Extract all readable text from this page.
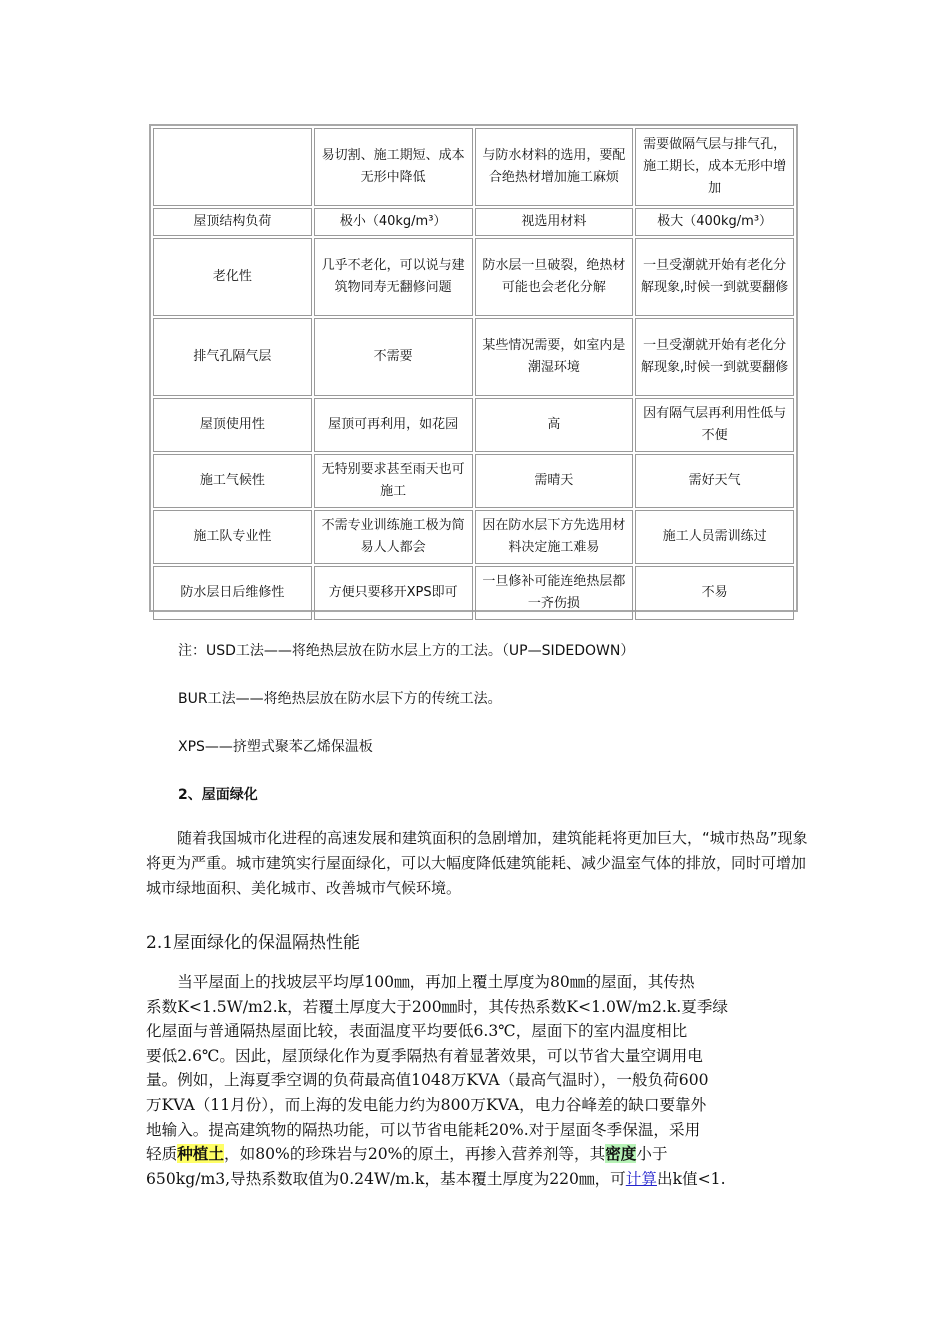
	易切割、施工期短、成本无形中降低	与防水材料的选用，要配合绝热材增加施工麻烦	需要做隔气层与排气孔，施工期长，成本无形中增加
屋顶结构负荷	极小（40kg/m³）	视选用材料	极大（400kg/m³）
老化性	几乎不老化，可以说与建筑物同寿无翻修问题	防水层一旦破裂，绝热材可能也会老化分解	一旦受潮就开始有老化分解现象,时候一到就要翻修
排气孔隔气层	不需要	某些情况需要，如室内是潮湿环境	一旦受潮就开始有老化分解现象,时候一到就要翻修
屋顶使用性	屋顶可再利用，如花园	高	因有隔气层再利用性低与不便
施工气候性	无特别要求甚至雨天也可施工	需晴天	需好天气
施工队专业性	不需专业训练施工极为简易人人都会	因在防水层下方先选用材料决定施工难易	施工人员需训练过
防水层日后维修性	方便只要移开XPS即可	一旦修补可能连绝热层都一齐伤损	不易
注：USD工法——将绝热层放在防水层上方的工法。（UP—SIDEDOWN）
BUR工法——将绝热层放在防水层下方的传统工法。
XPS——挤塑式聚苯乙烯保温板
2、屋面绿化

随着我国城市化进程的高速发展和建筑面积的急剧增加，建筑能耗将更加巨大，“城市热岛”现象将更为严重。城市建筑实行屋面绿化，可以大幅度降低建筑能耗、减少温室气体的排放，同时可增加城市绿地面积、美化城市、改善城市气候环境。

2.1屋面绿化的保温隔热性能
　　当平屋面上的找坡层平均厚100㎜，再加上覆土厚度为80㎜的屋面，其传热
系数K<1.5W/m2.k，若覆土厚度大于200㎜时，其传热系数K<1.0W/m2.k.夏季绿
化屋面与普通隔热屋面比较，表面温度平均要低6.3℃，屋面下的室内温度相比
要低2.6℃。因此，屋顶绿化作为夏季隔热有着显著效果，可以节省大量空调用电
量。例如，上海夏季空调的负荷最高值1048万KVA（最高气温时），一般负荷600
万KVA（11月份），而上海的发电能力约为800万KVA，电力谷峰差的缺口要靠外
地输入。提高建筑物的隔热功能，可以节省电能耗20%.对于屋面冬季保温，采用
轻质种植土，如80%的珍珠岩与20%的原土，再掺入营养剂等，其密度小于
650kg/m3,导热系数取值为0.24W/m.k，基本覆土厚度为220㎜，可计算出k值<1.
